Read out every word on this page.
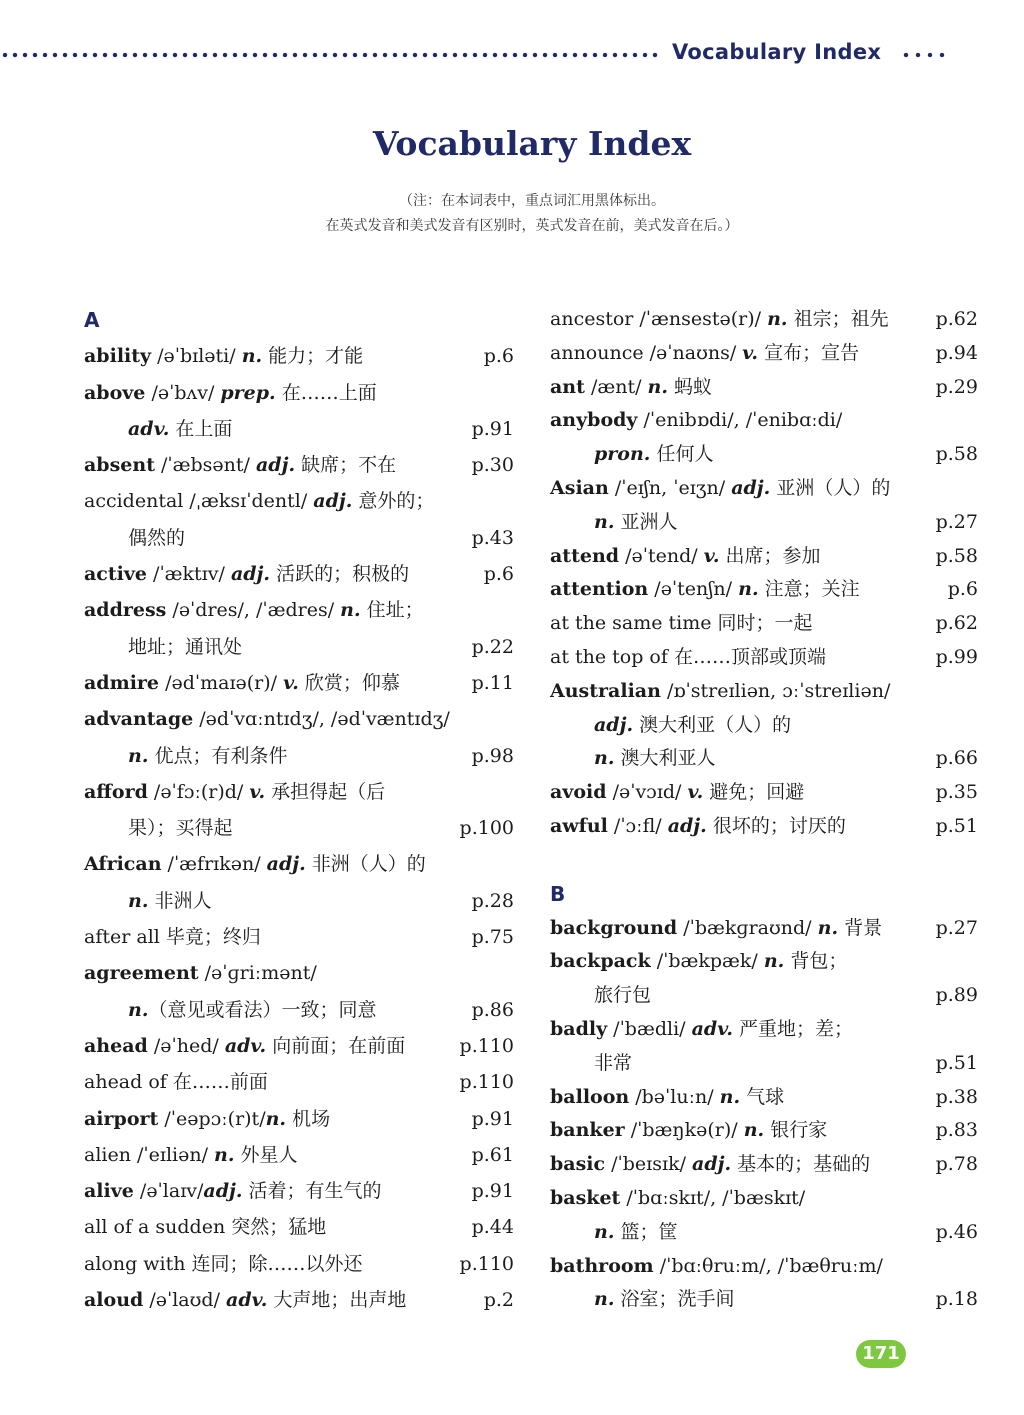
Vocabulary Index
Vocabulary Index
（注：在本词表中，重点词汇用黑体标出。
在英式发音和美式发音有区别时，英式发音在前，美式发音在后。）
A
ability /əˈbɪləti/ n. 能力；才能	p.6
above /əˈbʌv/ prep. 在……上面
adv. 在上面	p.91
absent /ˈæbsənt/ adj. 缺席；不在	p.30
accidental /ˌæksɪˈdentl/ adj. 意外的；
偶然的	p.43
active /ˈæktɪv/ adj. 活跃的；积极的	p.6
address /əˈdres/, /ˈædres/ n. 住址；
地址；通讯处	p.22
admire /ədˈmaɪə(r)/ v. 欣赏；仰慕	p.11
advantage /ədˈvɑːntɪdʒ/, /ədˈvæntɪdʒ/
n. 优点；有利条件	p.98
afford /əˈfɔː(r)d/ v. 承担得起（后
果）；买得起	p.100
African /ˈæfrɪkən/ adj. 非洲（人）的
n. 非洲人	p.28
after all 毕竟；终归	p.75
agreement /əˈɡriːmənt/
n.（意见或看法）一致；同意	p.86
ahead /əˈhed/ adv. 向前面；在前面	p.110
ahead of 在……前面	p.110
airport /ˈeəpɔː(r)t/n. 机场	p.91
alien /ˈeɪliən/ n. 外星人	p.61
alive /əˈlaɪv/adj. 活着；有生气的	p.91
all of a sudden 突然；猛地	p.44
along with 连同；除……以外还	p.110
aloud /əˈlaʊd/ adv. 大声地；出声地	p.2
ancestor /ˈænsestə(r)/ n. 祖宗；祖先 p.62
announce /əˈnaʊns/ v. 宣布；宣告	p.94
ant /ænt/ n. 蚂蚁	p.29
anybody /ˈenibɒdi/, /ˈenibɑːdi/
pron. 任何人	p.58
Asian /ˈeɪʃn, ˈeɪʒn/ adj. 亚洲（人）的
n. 亚洲人	p.27
attend /əˈtend/ v. 出席；参加	p.58
attention /əˈtenʃn/ n. 注意；关注	p.6
at the same time 同时；一起	p.62
at the top of 在……顶部或顶端	p.99
Australian /ɒˈstreɪliən, ɔːˈstreɪliən/
adj. 澳大利亚（人）的
n. 澳大利亚人	p.66
avoid /əˈvɔɪd/ v. 避免；回避	p.35
awful /ˈɔːfl/ adj. 很坏的；讨厌的	p.51
B
background /ˈbækɡraʊnd/ n. 背景	p.27
backpack /ˈbækpæk/ n. 背包；
旅行包	p.89
badly /ˈbædli/ adv. 严重地；差；
非常	p.51
balloon /bəˈluːn/ n. 气球	p.38
banker /ˈbæŋkə(r)/ n. 银行家	p.83
basic /ˈbeɪsɪk/ adj. 基本的；基础的	p.78
basket /ˈbɑːskɪt/, /ˈbæskɪt/
n. 篮；筐	p.46
bathroom /ˈbɑːθruːm/, /ˈbæθruːm/
n. 浴室；洗手间	p.18
171
